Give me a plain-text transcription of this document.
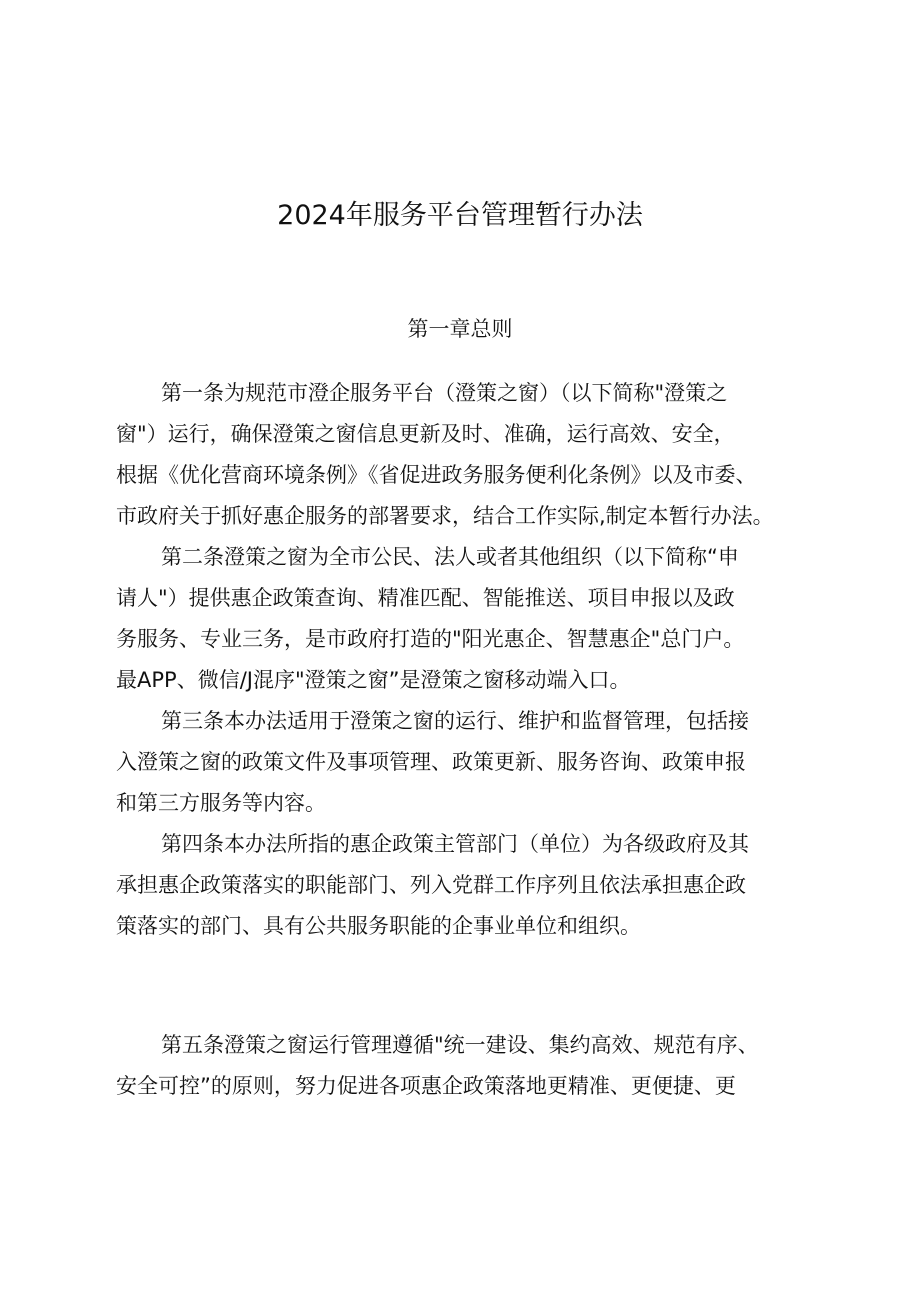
2024年服务平台管理暂行办法
第一章总则
第一条为规范市澄企服务平台（澄策之窗）（以下简称"澄策之
窗"）运行，确保澄策之窗信息更新及时、准确，运行高效、安全，
根据《优化营商环境条例》《省促进政务服务便利化条例》以及市委、
市政府关于抓好惠企服务的部署要求，结合工作实际,制定本暂行办法。
第二条澄策之窗为全市公民、法人或者其他组织（以下简称“申
请人"）提供惠企政策查询、精准匹配、智能推送、项目申报以及政
务服务、专业三务，是市政府打造的"阳光惠企、智慧惠企"总门户。
最APP、微信/J混序"澄策之窗”是澄策之窗移动端入口。
第三条本办法适用于澄策之窗的运行、维护和监督管理，包括接
入澄策之窗的政策文件及事项管理、政策更新、服务咨询、政策申报
和第三方服务等内容。
第四条本办法所指的惠企政策主管部门（单位）为各级政府及其
承担惠企政策落实的职能部门、列入党群工作序列且依法承担惠企政
策落实的部门、具有公共服务职能的企事业单位和组织。
第五条澄策之窗运行管理遵循"统一建设、集约高效、规范有序、
安全可控”的原则，努力促进各项惠企政策落地更精准、更便捷、更
